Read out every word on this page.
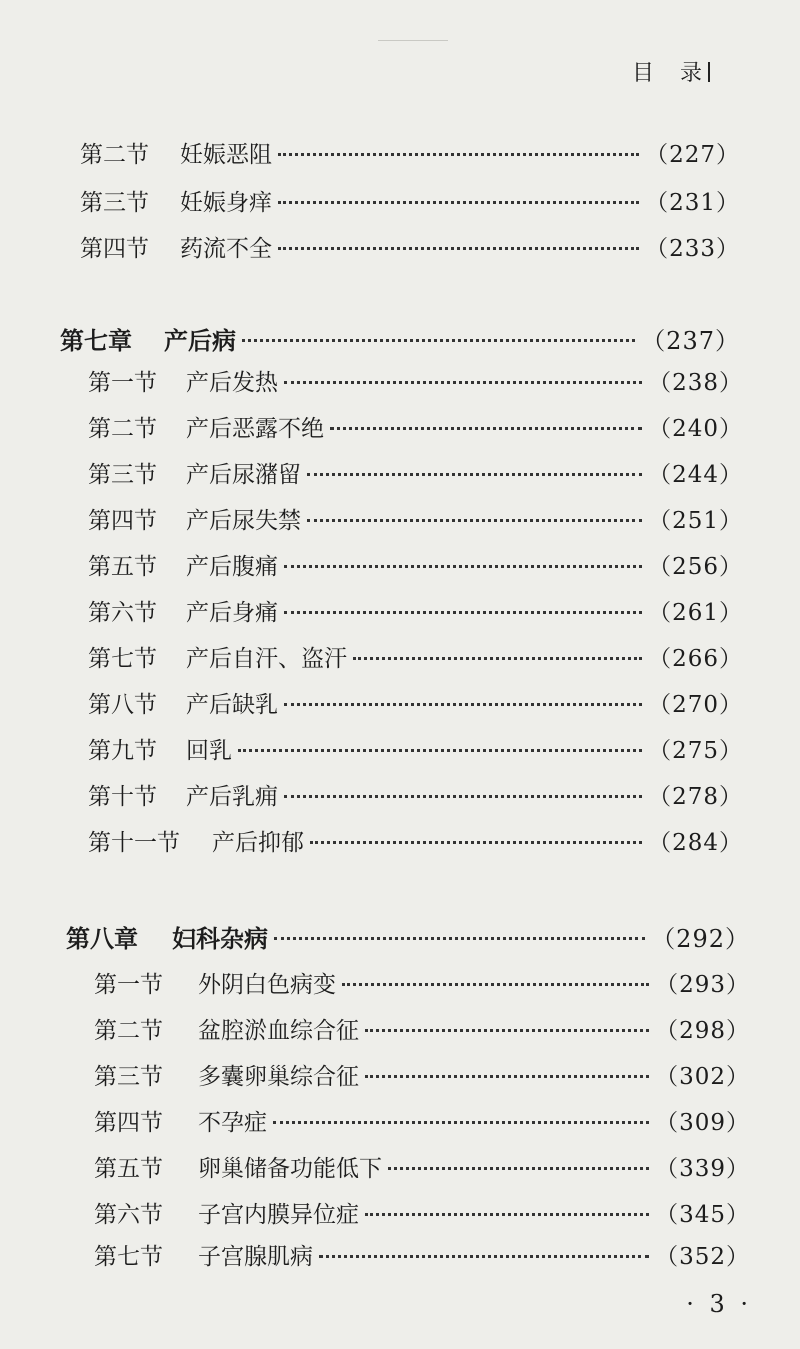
目　录
第二节	妊娠恶阻	（227）
第三节	妊娠身痒	（231）
第四节	药流不全	（233）
第七章	产后病	（237）
第一节	产后发热	（238）
第二节	产后恶露不绝	（240）
第三节	产后尿潴留	（244）
第四节	产后尿失禁	（251）
第五节	产后腹痛	（256）
第六节	产后身痛	（261）
第七节	产后自汗、盗汗	（266）
第八节	产后缺乳	（270）
第九节	回乳	（275）
第十节	产后乳痈	（278）
第十一节	产后抑郁	（284）
第八章	妇科杂病	（292）
第一节	外阴白色病变	（293）
第二节	盆腔淤血综合征	（298）
第三节	多囊卵巢综合征	（302）
第四节	不孕症	（309）
第五节	卵巢储备功能低下	（339）
第六节	子宫内膜异位症	（345）
第七节	子宫腺肌病	（352）
· 3 ·
